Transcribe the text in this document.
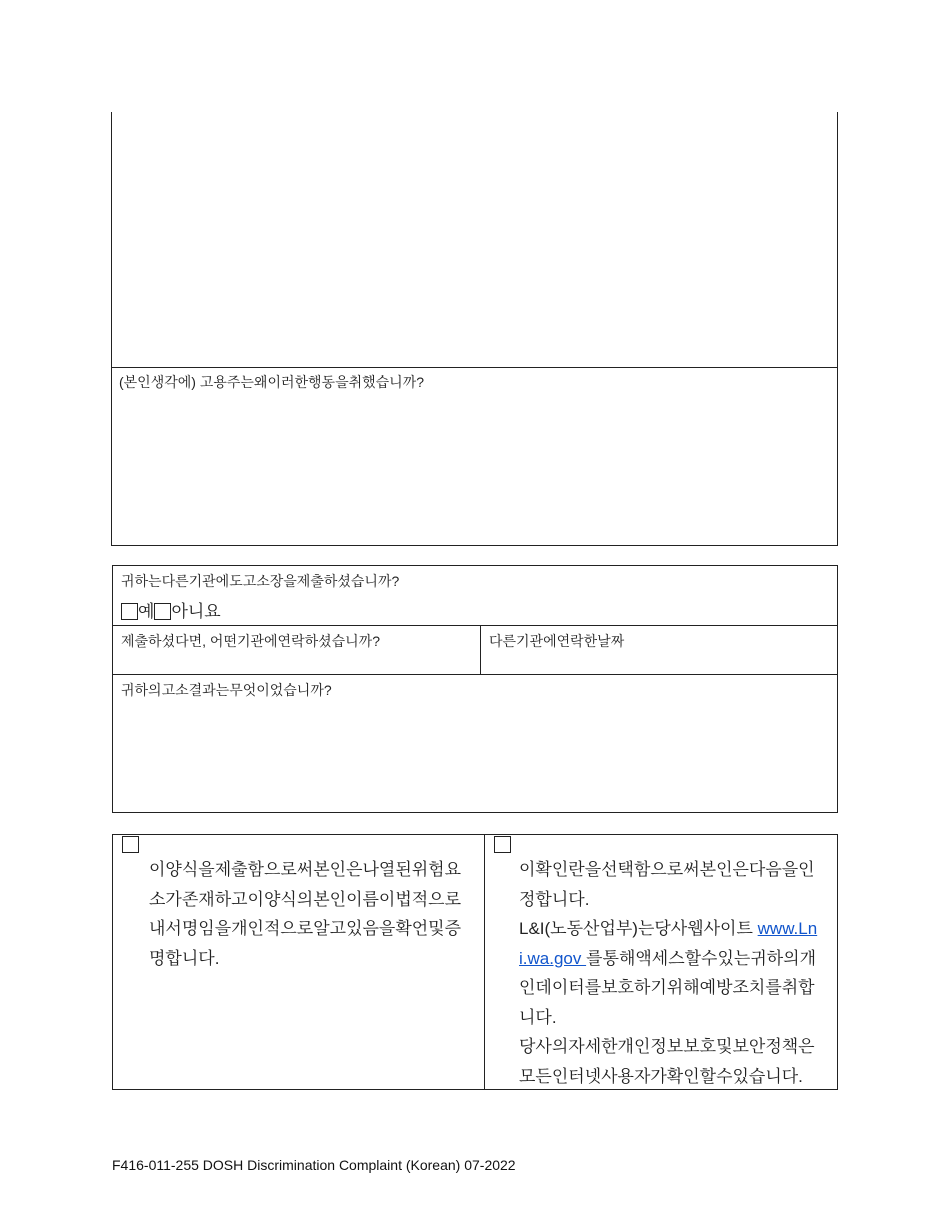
(본인생각에) 고용주는왜이러한행동을취했습니까?
귀하는다른기관에도고소장을제출하셨습니까?
예 아니요
제출하셨다면, 어떤기관에연락하셨습니까?	다른기관에연락한날짜
귀하의고소결과는무엇이었습니까?
이양식을제출함으로써본인은나열된위험요
소가존재하고이양식의본인이름이법적으로
내서명임을개인적으로알고있음을확언및증
명합니다.
이확인란을선택함으로써본인은다음을인
정합니다.
L&I(노동산업부)는당사웹사이트 www.Ln
i.wa.gov 를통해액세스할수있는귀하의개
인데이터를보호하기위해예방조치를취합
니다.
당사의자세한개인정보보호및보안정책은
모든인터넷사용자가확인할수있습니다.
F416-011-255 DOSH Discrimination Complaint (Korean) 07-2022
